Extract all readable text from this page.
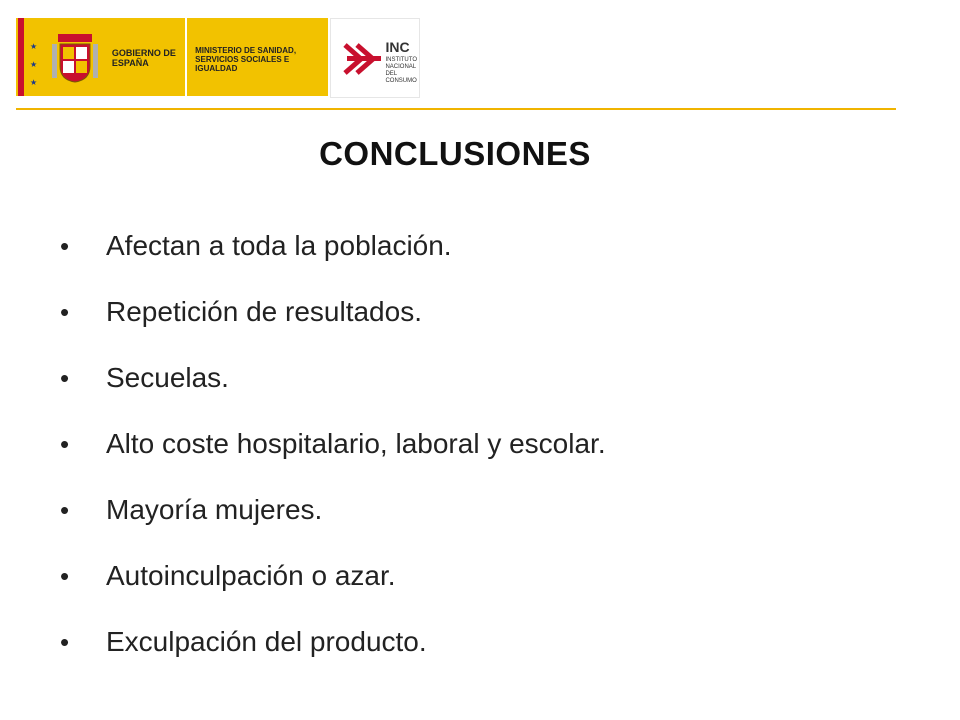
★
★
★
GOBIERNO DE ESPAÑA
MINISTERIO DE SANIDAD, SERVICIOS SOCIALES E IGUALDAD
INC
INSTITUTO NACIONAL DEL CONSUMO
CONCLUSIONES
•	Afectan a toda la población.
•	Repetición de resultados.
•	Secuelas.
•	Alto coste hospitalario, laboral y escolar.
•	Mayoría mujeres.
•	Autoinculpación o azar.
•	Exculpación del producto.
